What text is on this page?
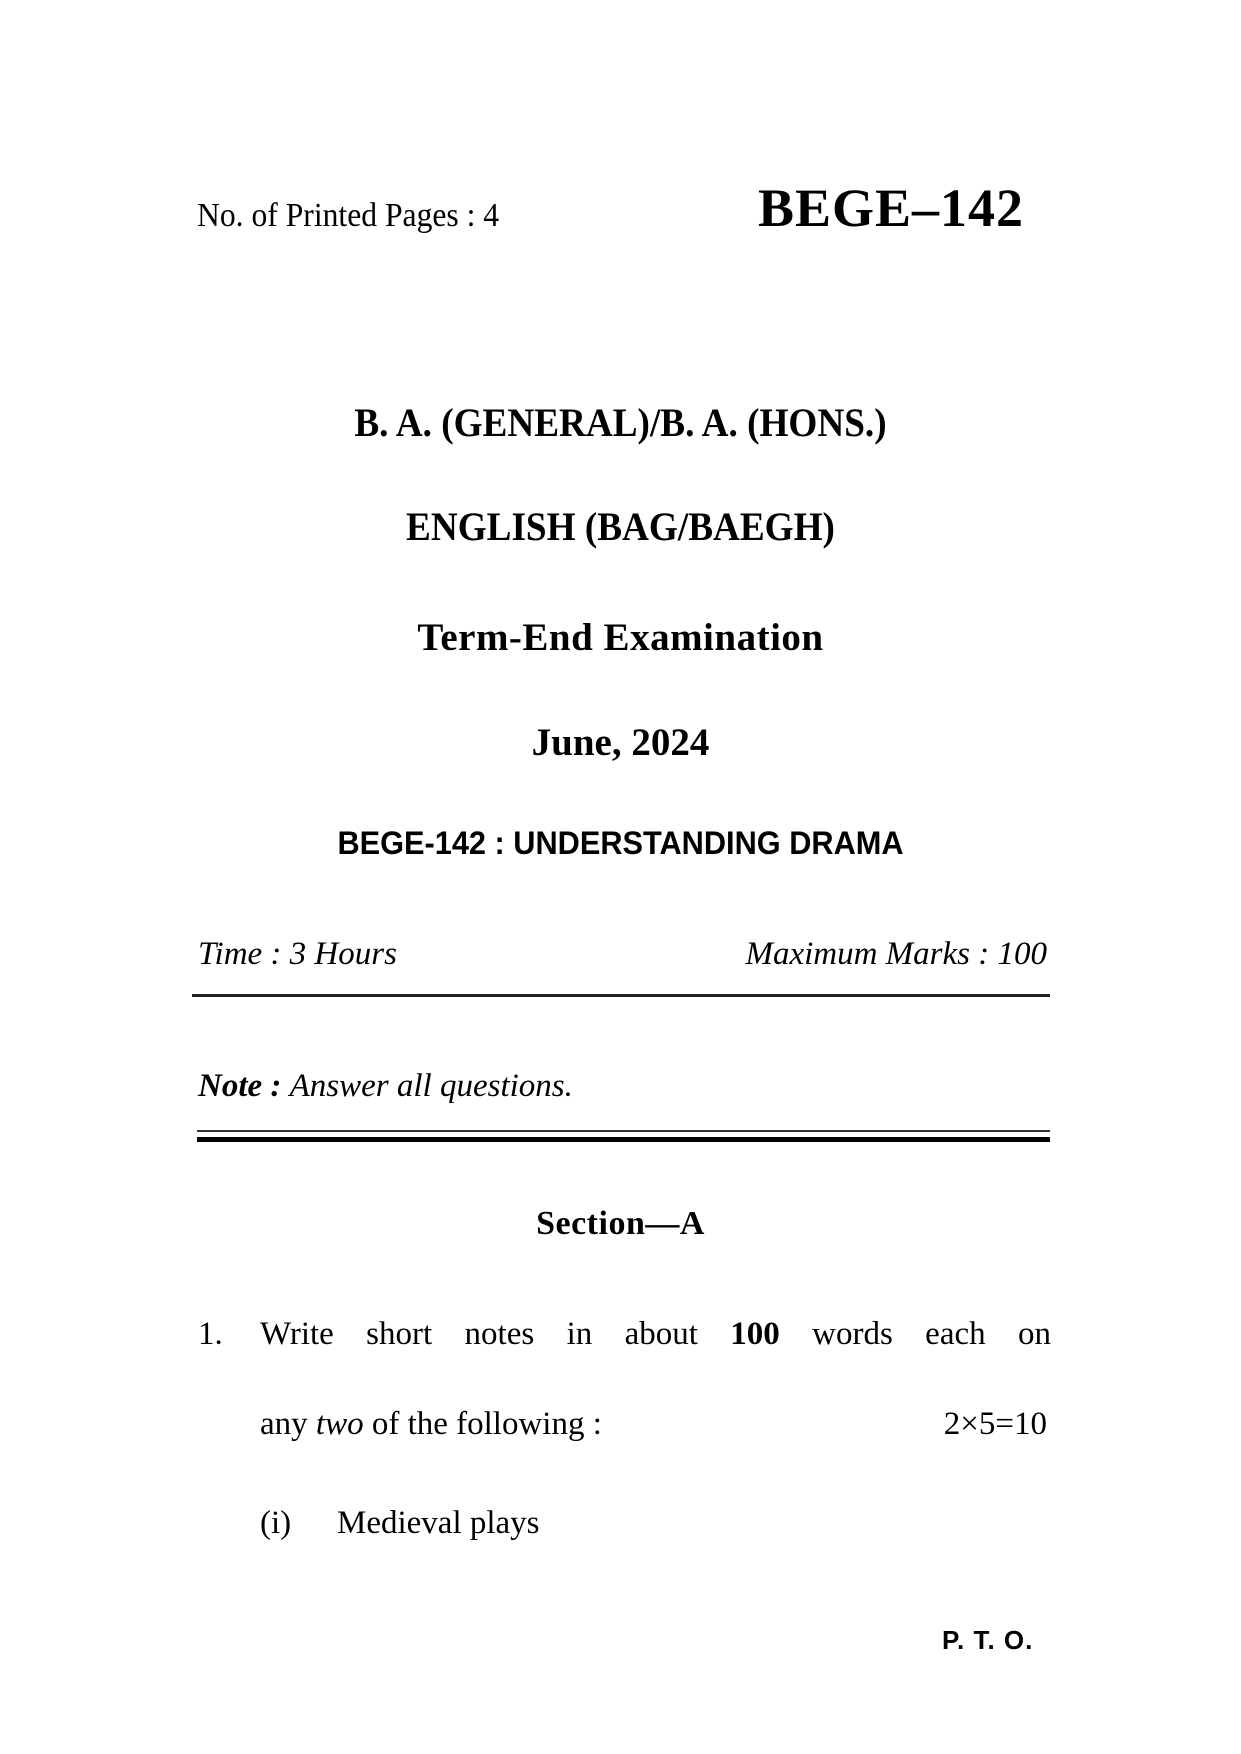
No. of Printed Pages : 4	BEGE–142
B. A. (GENERAL)/B. A. (HONS.)
ENGLISH (BAG/BAEGH)
Term-End Examination
June, 2024
BEGE-142 : UNDERSTANDING DRAMA
Time : 3 Hours	Maximum Marks : 100
Note : Answer all questions.
Section—A
1. Write short notes in about 100 words each on
any two of the following :	2×5=10
(i) Medieval plays
P. T. O.
